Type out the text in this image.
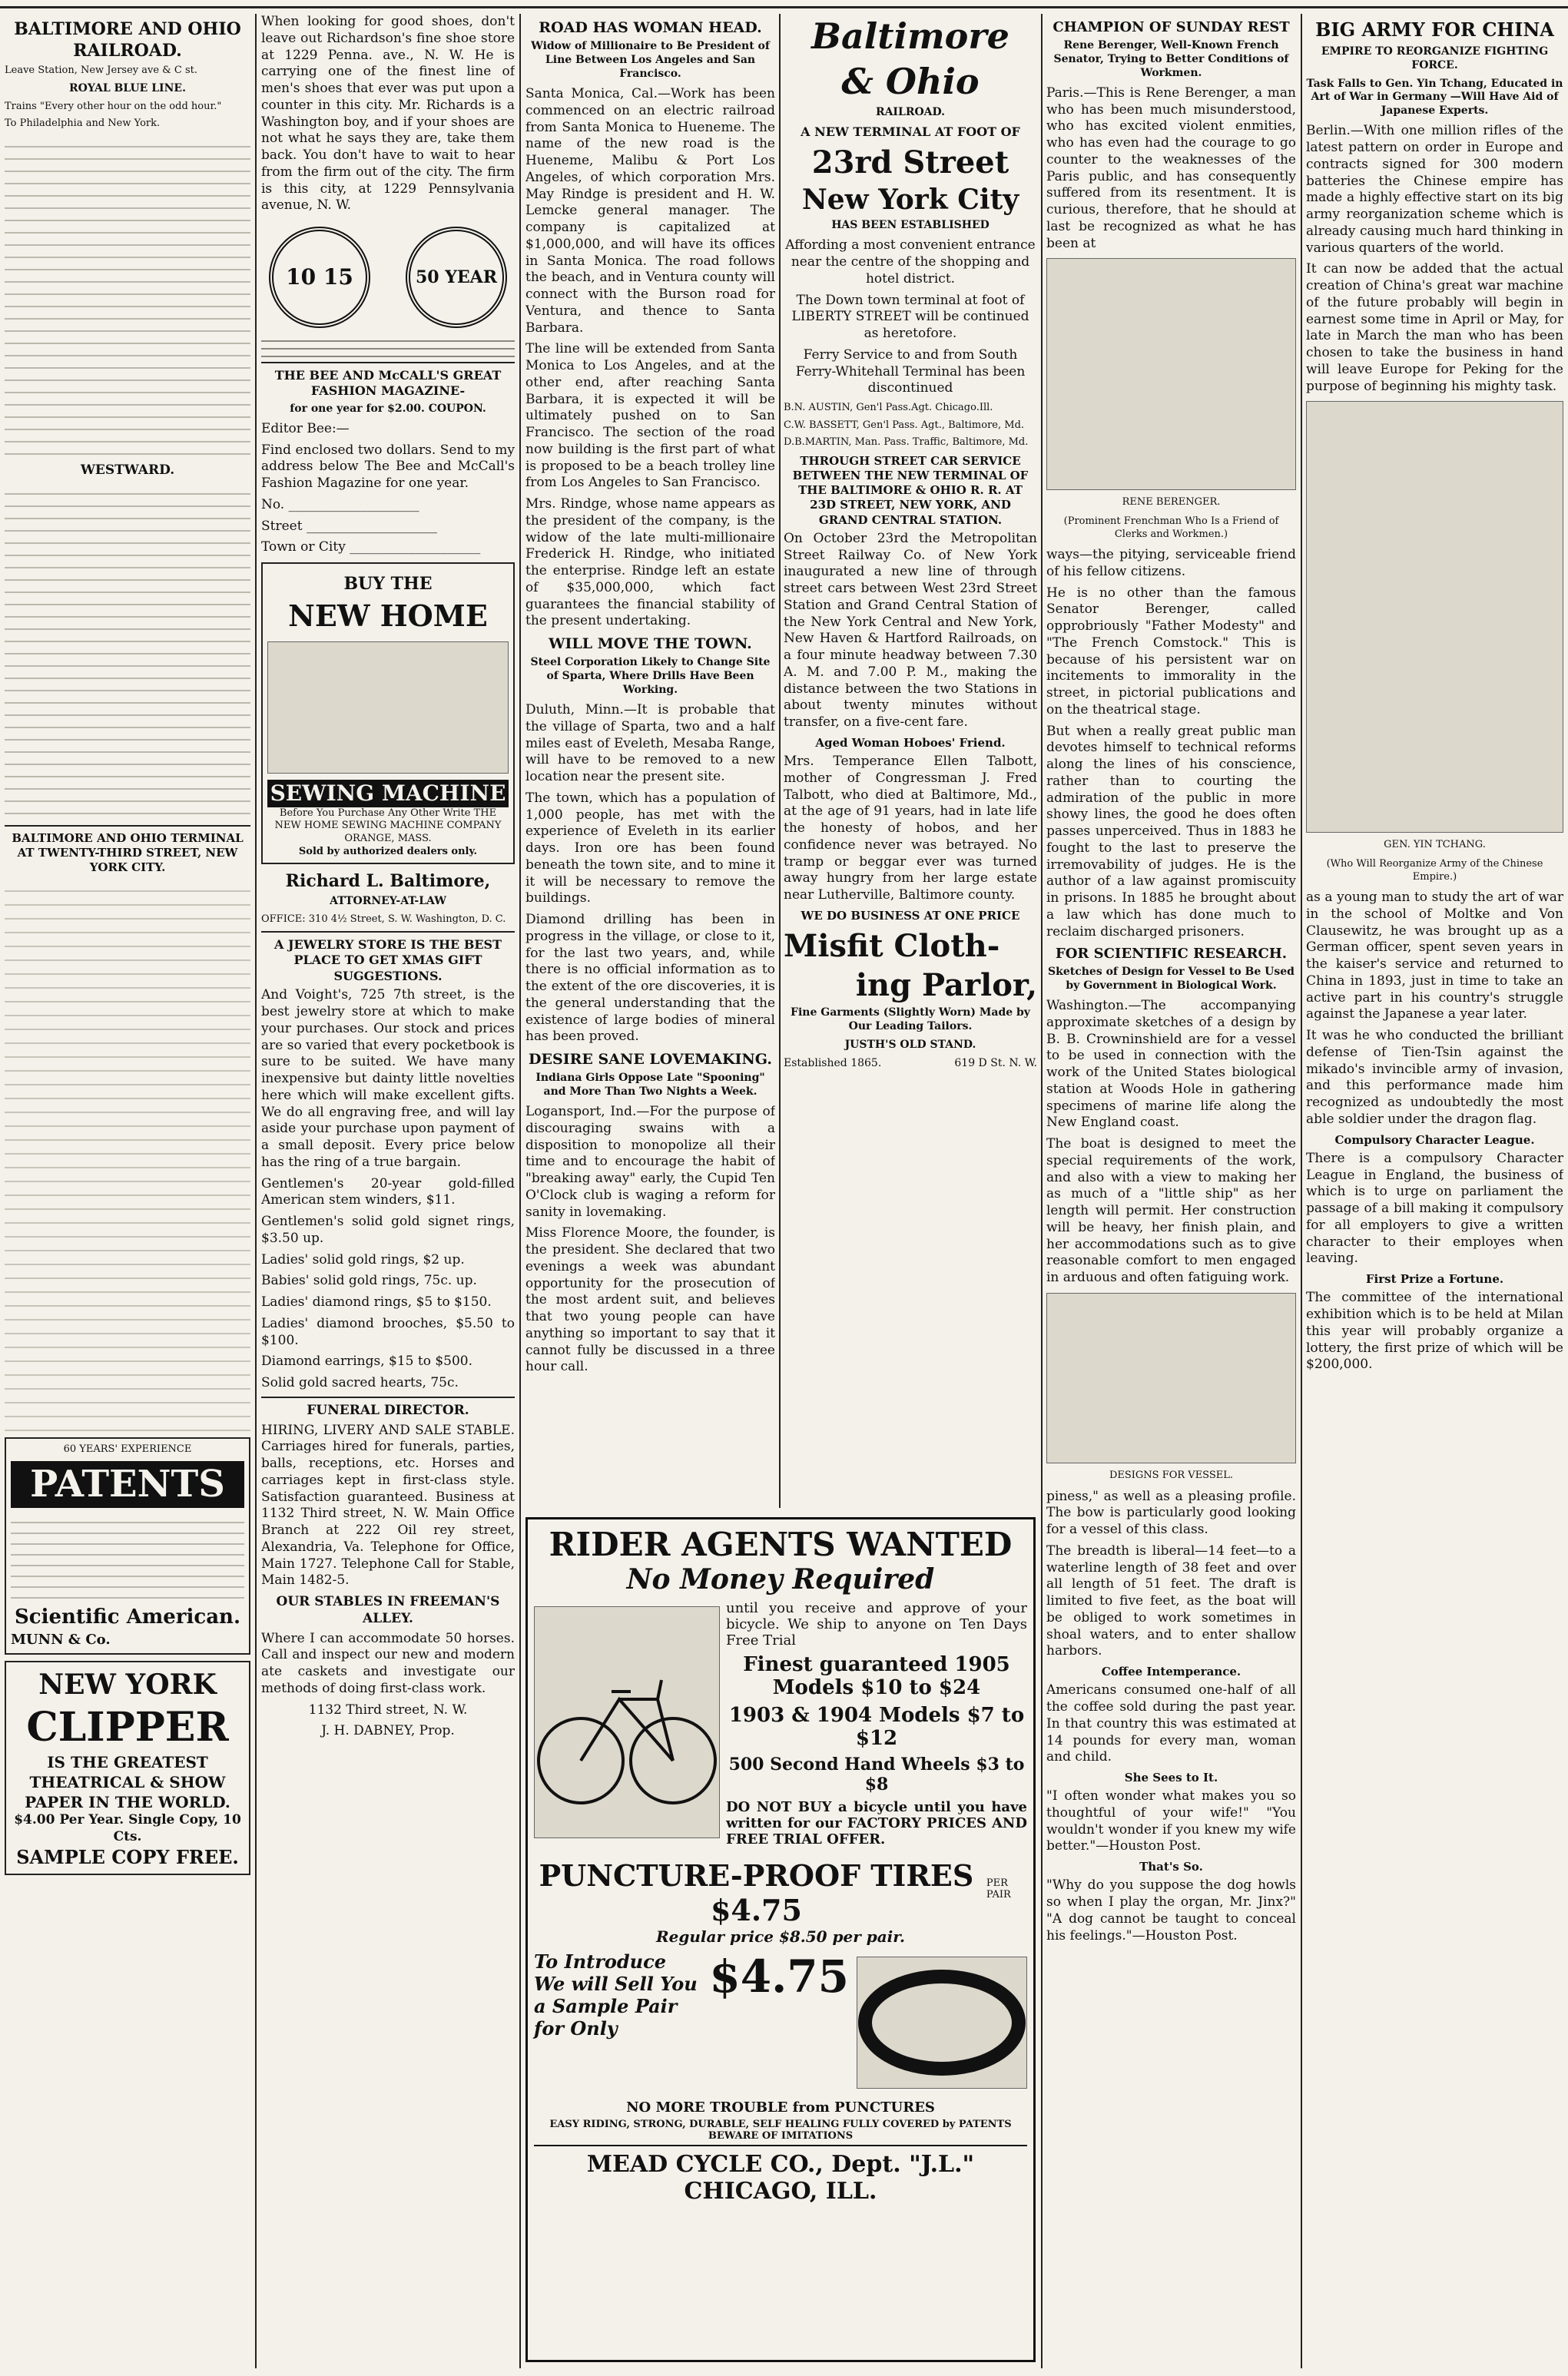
BALTIMORE AND OHIO RAILROAD.

Leave Station, New Jersey ave & C st.

ROYAL BLUE LINE.

Trains "Every other hour on the odd hour."

To Philadelphia and New York.

WESTWARD.
BALTIMORE AND OHIO TERMINAL AT TWENTY-THIRD STREET, NEW YORK CITY.
60 YEARS' EXPERIENCE
PATENTS
Scientific American.
MUNN & Co.
NEW YORK
CLIPPER
IS THE GREATEST THEATRICAL & SHOW PAPER IN THE WORLD.
$4.00 Per Year. Single Copy, 10 Cts.
SAMPLE COPY FREE.

When looking for good shoes, don't leave out Richardson's fine shoe store at 1229 Penna. ave., N. W. He is carrying one of the finest line of men's shoes that ever was put upon a counter in this city. Mr. Richards is a Washington boy, and if your shoes are not what he says they are, take them back. You don't have to wait to hear from the firm out of the city. The firm is this city, at 1229 Pennsylvania avenue, N. W.

10 15	50 YEAR
THE BEE AND McCALL'S GREAT FASHION MAGAZINE-
for one year for $2.00. COUPON.

Editor Bee:—

Find enclosed two dollars. Send to my address below The Bee and McCall's Fashion Magazine for one year.

No. ____________________

Street ____________________

Town or City ____________________

BUY THE
NEW HOME
SEWING MACHINE
Before You Purchase Any Other Write THE NEW HOME SEWING MACHINE COMPANY ORANGE, MASS.
Sold by authorized dealers only.
Richard L. Baltimore,
ATTORNEY-AT-LAW

OFFICE: 310 4½ Street, S. W. Washington, D. C.

A JEWELRY STORE IS THE BEST PLACE TO GET XMAS GIFT SUGGESTIONS.

And Voight's, 725 7th street, is the best jewelry store at which to make your purchases. Our stock and prices are so varied that every pocketbook is sure to be suited. We have many inexpensive but dainty little novelties here which will make excellent gifts. We do all engraving free, and will lay aside your purchase upon payment of a small deposit. Every price below has the ring of a true bargain.

Gentlemen's 20-year gold-filled American stem winders, $11.

Gentlemen's solid gold signet rings, $3.50 up.

Ladies' solid gold rings, $2 up.

Babies' solid gold rings, 75c. up.

Ladies' diamond rings, $5 to $150.

Ladies' diamond brooches, $5.50 to $100.

Diamond earrings, $15 to $500.

Solid gold sacred hearts, 75c.

FUNERAL DIRECTOR.

HIRING, LIVERY AND SALE STABLE. Carriages hired for funerals, parties, balls, receptions, etc. Horses and carriages kept in first-class style. Satisfaction guaranteed. Business at 1132 Third street, N. W. Main Office Branch at 222 Oil rey street, Alexandria, Va. Telephone for Office, Main 1727. Telephone Call for Stable, Main 1482-5.

OUR STABLES IN FREEMAN'S ALLEY.

Where I can accommodate 50 horses. Call and inspect our new and modern ate caskets and investigate our methods of doing first-class work.

1132 Third street, N. W.

J. H. DABNEY, Prop.

ROAD HAS WOMAN HEAD.
Widow of Millionaire to Be President of Line Between Los Angeles and San Francisco.

Santa Monica, Cal.—Work has been commenced on an electric railroad from Santa Monica to Hueneme. The name of the new road is the Hueneme, Malibu & Port Los Angeles, of which corporation Mrs. May Rindge is president and H. W. Lemcke general manager. The company is capitalized at $1,000,000, and will have its offices in Santa Monica. The road follows the beach, and in Ventura county will connect with the Burson road for Ventura, and thence to Santa Barbara.

The line will be extended from Santa Monica to Los Angeles, and at the other end, after reaching Santa Barbara, it is expected it will be ultimately pushed on to San Francisco. The section of the road now building is the first part of what is proposed to be a beach trolley line from Los Angeles to San Francisco.

Mrs. Rindge, whose name appears as the president of the company, is the widow of the late multi-millionaire Frederick H. Rindge, who initiated the enterprise. Rindge left an estate of $35,000,000, which fact guarantees the financial stability of the present undertaking.

WILL MOVE THE TOWN.
Steel Corporation Likely to Change Site of Sparta, Where Drills Have Been Working.

Duluth, Minn.—It is probable that the village of Sparta, two and a half miles east of Eveleth, Mesaba Range, will have to be removed to a new location near the present site.

The town, which has a population of 1,000 people, has met with the experience of Eveleth in its earlier days. Iron ore has been found beneath the town site, and to mine it it will be necessary to remove the buildings.

Diamond drilling has been in progress in the village, or close to it, for the last two years, and, while there is no official information as to the extent of the ore discoveries, it is the general understanding that the existence of large bodies of mineral has been proved.

DESIRE SANE LOVEMAKING.
Indiana Girls Oppose Late "Spooning" and More Than Two Nights a Week.

Logansport, Ind.—For the purpose of discouraging swains with a disposition to monopolize all their time and to encourage the habit of "breaking away" early, the Cupid Ten O'Clock club is waging a reform for sanity in lovemaking.

Miss Florence Moore, the founder, is the president. She declared that two evenings a week was abundant opportunity for the prosecution of the most ardent suit, and believes that two young people can have anything so important to say that it cannot fully be discussed in a three hour call.

Baltimore
& Ohio
RAILROAD.
A NEW TERMINAL AT FOOT OF
23rd Street
New York City
HAS BEEN ESTABLISHED

Affording a most convenient entrance near the centre of the shopping and hotel district.

The Down town terminal at foot of LIBERTY STREET will be continued as heretofore.

Ferry Service to and from South Ferry-Whitehall Terminal has been discontinued

B.N. AUSTIN, Gen'l Pass.Agt. Chicago.Ill.

C.W. BASSETT, Gen'l Pass. Agt., Baltimore, Md.

D.B.MARTIN, Man. Pass. Traffic, Baltimore, Md.

THROUGH STREET CAR SERVICE BETWEEN THE NEW TERMINAL OF THE BALTIMORE & OHIO R. R. AT 23D STREET, NEW YORK, AND GRAND CENTRAL STATION.

On October 23rd the Metropolitan Street Railway Co. of New York inaugurated a new line of through street cars between West 23rd Street Station and Grand Central Station of the New York Central and New York, New Haven & Hartford Railroads, on a four minute headway between 7.30 A. M. and 7.00 P. M., making the distance between the two Stations in about twenty minutes without transfer, on a five-cent fare.

Aged Woman Hoboes' Friend.

Mrs. Temperance Ellen Talbott, mother of Congressman J. Fred Talbott, who died at Baltimore, Md., at the age of 91 years, had in late life the honesty of hobos, and her confidence never was betrayed. No tramp or beggar ever was turned away hungry from her large estate near Lutherville, Baltimore county.

WE DO BUSINESS AT ONE PRICE
Misfit Cloth-
ing Parlor,
Fine Garments (Slightly Worn) Made by Our Leading Tailors.
JUSTH'S OLD STAND.
Established 1865.	619 D St. N. W.
RIDER AGENTS WANTED
No Money Required

until you receive and approve of your bicycle. We ship to anyone on Ten Days Free Trial

Finest guaranteed 1905 Models $10 to $24

1903 & 1904 Models $7 to $12

500 Second Hand Wheels $3 to $8

DO NOT BUY a bicycle until you have written for our FACTORY PRICES AND FREE TRIAL OFFER.

PUNCTURE-PROOF TIRES $4.75
PER PAIR
Regular price $8.50 per pair.
To Introduce We will Sell You a Sample Pair for Only
$4.75
NO MORE TROUBLE from PUNCTURES
EASY RIDING, STRONG, DURABLE, SELF HEALING FULLY COVERED by PATENTS BEWARE OF IMITATIONS
MEAD CYCLE CO., Dept. "J.L." CHICAGO, ILL.
CHAMPION OF SUNDAY REST
Rene Berenger, Well-Known French Senator, Trying to Better Conditions of Workmen.

Paris.—This is Rene Berenger, a man who has been much misunderstood, who has excited violent enmities, who has even had the courage to go counter to the weaknesses of the Paris public, and has consequently suffered from its resentment. It is curious, therefore, that he should at last be recognized as what he has been at

RENE BERENGER.
(Prominent Frenchman Who Is a Friend of Clerks and Workmen.)

ways—the pitying, serviceable friend of his fellow citizens.

He is no other than the famous Senator Berenger, called opprobriously "Father Modesty" and "The French Comstock." This is because of his persistent war on incitements to immorality in the street, in pictorial publications and on the theatrical stage.

But when a really great public man devotes himself to technical reforms along the lines of his conscience, rather than to courting the admiration of the public in more showy lines, the good he does often passes unperceived. Thus in 1883 he fought to the last to preserve the irremovability of judges. He is the author of a law against promiscuity in prisons. In 1885 he brought about a law which has done much to reclaim discharged prisoners.

FOR SCIENTIFIC RESEARCH.
Sketches of Design for Vessel to Be Used by Government in Biological Work.

Washington.—The accompanying approximate sketches of a design by B. B. Crowninshield are for a vessel to be used in connection with the work of the United States biological station at Woods Hole in gathering specimens of marine life along the New England coast.

The boat is designed to meet the special requirements of the work, and also with a view to making her as much of a "little ship" as her length will permit. Her construction will be heavy, her finish plain, and her accommodations such as to give reasonable comfort to men engaged in arduous and often fatiguing work.

DESIGNS FOR VESSEL.

piness," as well as a pleasing profile. The bow is particularly good looking for a vessel of this class.

The breadth is liberal—14 feet—to a waterline length of 38 feet and over all length of 51 feet. The draft is limited to five feet, as the boat will be obliged to work sometimes in shoal waters, and to enter shallow harbors.

Coffee Intemperance.

Americans consumed one-half of all the coffee sold during the past year. In that country this was estimated at 14 pounds for every man, woman and child.

She Sees to It.

"I often wonder what makes you so thoughtful of your wife!" "You wouldn't wonder if you knew my wife better."—Houston Post.

That's So.

"Why do you suppose the dog howls so when I play the organ, Mr. Jinx?" "A dog cannot be taught to conceal his feelings."—Houston Post.

BIG ARMY FOR CHINA
EMPIRE TO REORGANIZE FIGHTING FORCE.
Task Falls to Gen. Yin Tchang, Educated in Art of War in Germany —Will Have Aid of Japanese Experts.

Berlin.—With one million rifles of the latest pattern on order in Europe and contracts signed for 300 modern batteries the Chinese empire has made a highly effective start on its big army reorganization scheme which is already causing much hard thinking in various quarters of the world.

It can now be added that the actual creation of China's great war machine of the future probably will begin in earnest some time in April or May, for late in March the man who has been chosen to take the business in hand will leave Europe for Peking for the purpose of beginning his mighty task.

GEN. YIN TCHANG.
(Who Will Reorganize Army of the Chinese Empire.)

as a young man to study the art of war in the school of Moltke and Von Clausewitz, he was brought up as a German officer, spent seven years in the kaiser's service and returned to China in 1893, just in time to take an active part in his country's struggle against the Japanese a year later.

It was he who conducted the brilliant defense of Tien-Tsin against the mikado's invincible army of invasion, and this performance made him recognized as undoubtedly the most able soldier under the dragon flag.

Compulsory Character League.

There is a compulsory Character League in England, the business of which is to urge on parliament the passage of a bill making it compulsory for all employers to give a written character to their employes when leaving.

First Prize a Fortune.

The committee of the international exhibition which is to be held at Milan this year will probably organize a lottery, the first prize of which will be $200,000.
